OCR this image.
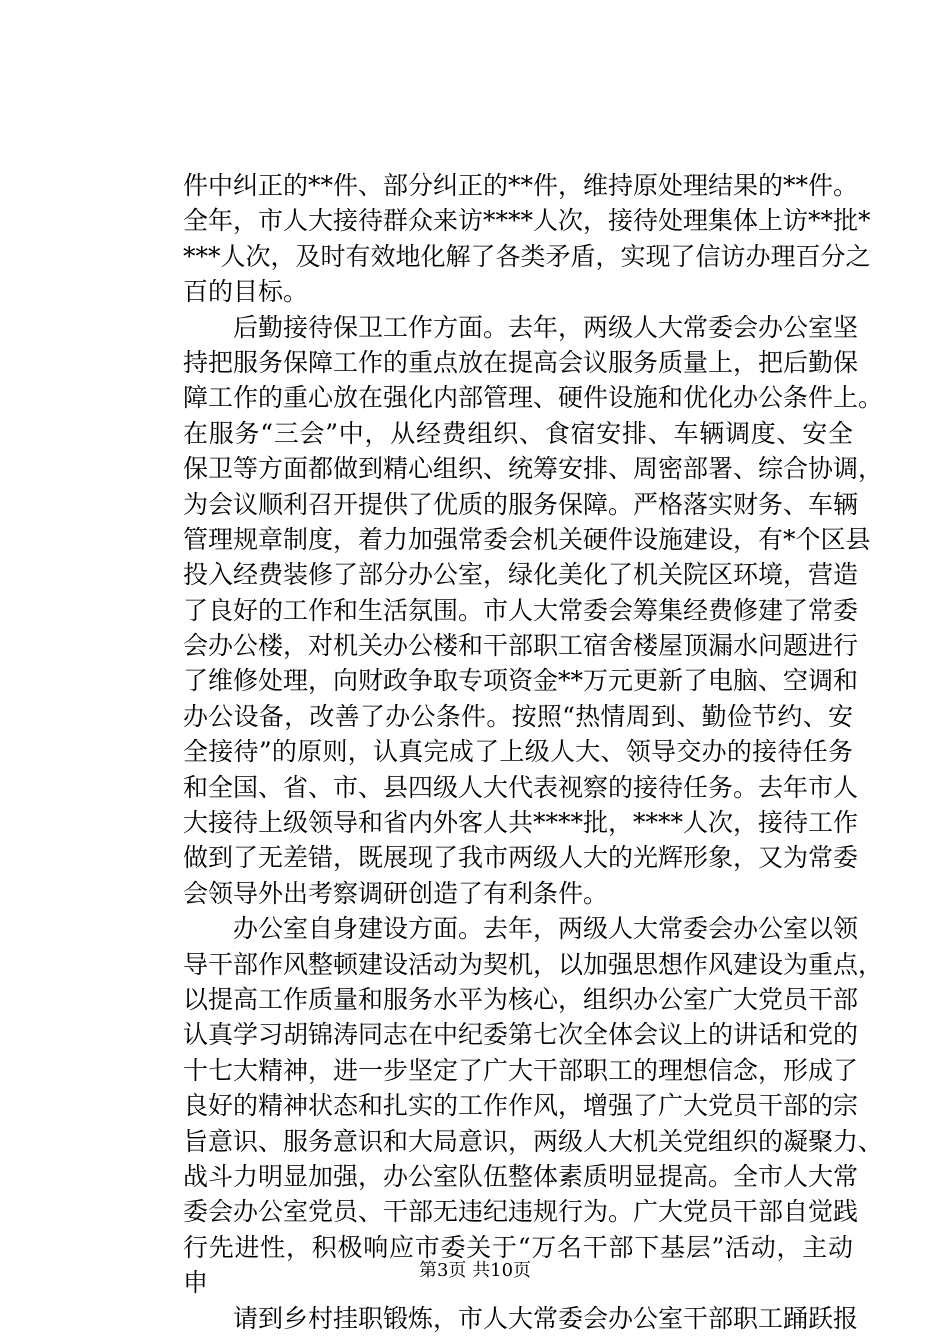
件中纠正的**件、部分纠正的**件，维持原处理结果的**件。
全年，市人大接待群众来访****人次，接待处理集体上访**批*
***人次，及时有效地化解了各类矛盾，实现了信访办理百分之
百的目标。
　　后勤接待保卫工作方面。去年，两级人大常委会办公室坚
持把服务保障工作的重点放在提高会议服务质量上，把后勤保
障工作的重心放在强化内部管理、硬件设施和优化办公条件上。
在服务“三会”中，从经费组织、食宿安排、车辆调度、安全
保卫等方面都做到精心组织、统筹安排、周密部署、综合协调，
为会议顺利召开提供了优质的服务保障。严格落实财务、车辆
管理规章制度，着力加强常委会机关硬件设施建设，有*个区县
投入经费装修了部分办公室，绿化美化了机关院区环境，营造
了良好的工作和生活氛围。市人大常委会筹集经费修建了常委
会办公楼，对机关办公楼和干部职工宿舍楼屋顶漏水问题进行
了维修处理，向财政争取专项资金**万元更新了电脑、空调和
办公设备，改善了办公条件。按照“热情周到、勤俭节约、安
全接待”的原则，认真完成了上级人大、领导交办的接待任务
和全国、省、市、县四级人大代表视察的接待任务。去年市人
大接待上级领导和省内外客人共****批，****人次，接待工作
做到了无差错，既展现了我市两级人大的光辉形象，又为常委
会领导外出考察调研创造了有利条件。
　　办公室自身建设方面。去年，两级人大常委会办公室以领
导干部作风整顿建设活动为契机，以加强思想作风建设为重点，
以提高工作质量和服务水平为核心，组织办公室广大党员干部
认真学习胡锦涛同志在中纪委第七次全体会议上的讲话和党的
十七大精神，进一步坚定了广大干部职工的理想信念，形成了
良好的精神状态和扎实的工作作风，增强了广大党员干部的宗
旨意识、服务意识和大局意识，两级人大机关党组织的凝聚力、
战斗力明显加强，办公室队伍整体素质明显提高。全市人大常
委会办公室党员、干部无违纪违规行为。广大党员干部自觉践
行先进性，积极响应市委关于“万名干部下基层”活动，主动
申
　　请到乡村挂职锻炼，市人大常委会办公室干部职工踊跃报
第3页 共10页
